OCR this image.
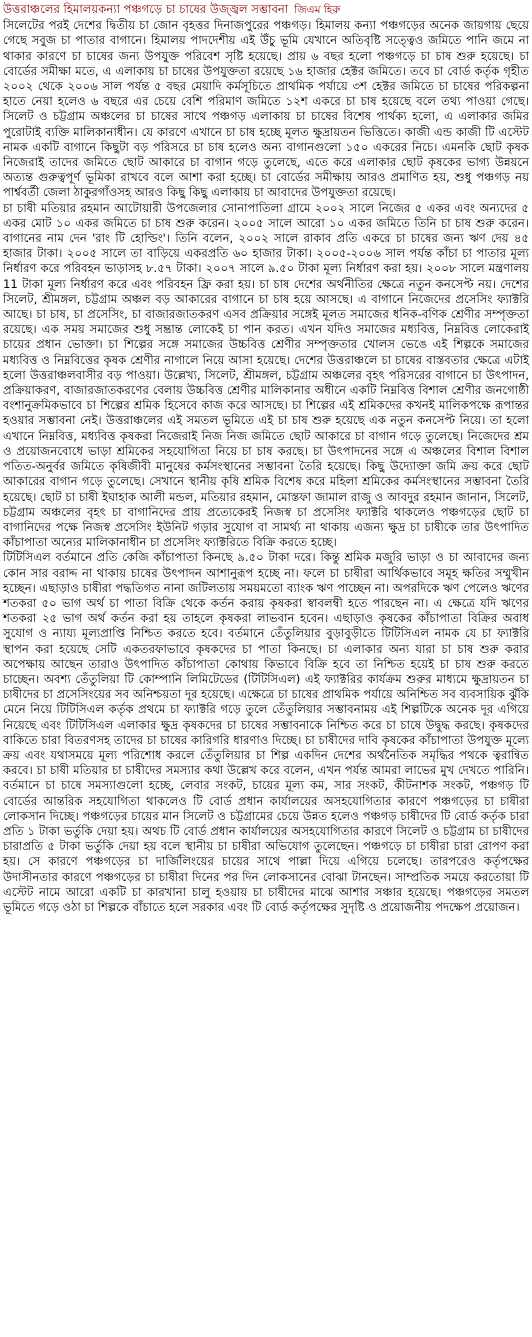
উত্তরাঞ্চলের হিমালয়কন্যা পঞ্চগড়ে চা চাষের উজ্জ্বল সম্ভাবনা জিএম হিরু

সিলেটের পরই দেশের দ্বিতীয় চা জোন বৃহত্তর দিনাজপুরের পঞ্চগড়। হিমালয় কন্যা পঞ্চগড়ের অনেক জায়গায় ছেয়ে গেছে সবুজ চা পাতার বাগানে। হিমালয় পাদদেশীয় এই উঁচু ভূমি যেখানে অতিবৃষ্টি সত্ত্বেও জমিতে পানি জমে না থাকার কারণে চা চাষের জন্য উপযুক্ত পরিবেশ সৃষ্টি হয়েছে। প্রায় ৬ বছর হলো পঞ্চগড়ে চা চাষ শুরু হয়েছে। চা বোর্ডের সমীক্ষা মতে, এ এলাকায় চা চাষের উপযুক্ততা রয়েছে ১৬ হাজার হেক্টর জমিতে। তবে চা বোর্ড কর্তৃক গৃহীত ২০০২ থেকে ২০০৬ সাল পর্যন্ত ৫ বছর মেয়াদি কর্মসূচিতে প্রাথমিক পর্যায়ে ৩শ হেক্টর জমিতে চা চাষের পরিকল্পনা হাতে নেয়া হলেও ৬ বছরে এর চেয়ে বেশি পরিমাণ জমিতে ১২শ একরে চা চাষ হয়েছে বলে তথ্য পাওয়া গেছে। সিলেট ও চট্টগ্রাম অঞ্চলের চা চাষের সাথে পঞ্চগড় এলাকায় চা চাষের বিশেষ পার্থক্য হলো, এ এলাকার জমির পুরোটাই ব্যক্তি মালিকানাধীন। যে কারণে এখানে চা চাষ হচ্ছে মূলত ক্ষুদ্রায়তন ভিত্তিতে। কাজী এন্ড কাজী টি এস্টেট নামক একটি বাগানে কিছুটা বড় পরিসরে চা চাষ হলেও অন্য বাগানগুলো ১৫০ একরের নিচে। এমনকি ছোট কৃষক নিজেরাই তাদের জমিতে ছোট আকারে চা বাগান গড়ে তুলেছে, এতে করে এলাকার ছোট কৃষকের ভাগ্য উন্নয়নে অত্যন্ত গুরুত্বপূর্ণ ভূমিকা রাখবে বলে আশা করা হচ্ছে। চা বোর্ডের সমীক্ষায় আরও প্রমাণিত হয়, শুধু পঞ্চগড় নয় পার্শ্ববর্তী জেলা ঠাকুরগাঁওসহ আরও কিছু কিছু এলাকায় চা আবাদের উপযুক্ততা রয়েছে।

চা চাষী মতিয়ার রহমান আটোয়ারী উপজেলার সোনাপাতিলা গ্রামে ২০০২ সালে নিজের ৫ একর এবং অন্যদের ৫ একর মোট ১০ একর জমিতে চা চাষ শুরু করেন। ২০০৫ সালে আরো ১০ একর জমিতে তিনি চা চাষ শুরু করেন। বাগানের নাম দেন 'রাং টি হোল্ডিং'। তিনি বলেন, ২০০২ সালে রাকাব প্রতি একরে চা চাষের জন্য ঋণ দেয় ৪৫ হাজার টাকা। ২০০৫ সালে তা বাড়িয়ে একরপ্রতি ৬০ হাজার টাকা। ২০০৫-২০০৬ সাল পর্যন্ত কাঁচা চা পাতার মূল্য নির্ধারণ করে পরিবহন ভাড়াসহ ৮.৫৭ টাকা। ২০০৭ সালে ৯.৫০ টাকা মূল্য নির্ধারণ করা হয়। ২০০৮ সালে মন্ত্রণালয় 11 টাকা মূল্য নির্ধারণ করে এবং পরিবহন ফ্রি করা হয়। চা চাষ দেশের অর্থনীতির ক্ষেত্রে নতুন কনসেপ্ট নয়। দেশের সিলেট, শ্রীমঙ্গল, চট্টগ্রাম অঞ্চল বড় আকারের বাগানে চা চাষ হয়ে আসছে। এ বাগানে নিজেদের প্রসেসিং ফ্যাক্টরি আছে। চা চাষ, চা প্রসেসিং, চা বাজারজাতকরণ এসব প্রক্রিয়ার সঙ্গেই মূলত সমাজের ধনিক-বণিক শ্রেণীর সম্পৃক্ততা রয়েছে। এক সময় সমাজের শুধু সম্ভ্রান্ত লোকেই চা পান করত। এখন যদিও সমাজের মধ্যবিত্ত, নিম্নবিত্ত লোকেরাই চায়ের প্রধান ভোক্তা। চা শিল্পের সঙ্গে সমাজের উচ্চবিত্ত শ্রেণীর সম্পৃক্ততার খোলস ভেঙে এই শিল্পকে সমাজের মধ্যবিত্ত ও নিম্নবিত্তের কৃষক শ্রেণীর নাগালে নিয়ে আসা হয়েছে। দেশের উত্তরাঞ্চলে চা চাষের বাস্তবতার ক্ষেত্রে এটাই হলো উত্তরাঞ্চলবাসীর বড় পাওয়া। উল্লেখ্য, সিলেট, শ্রীমঙ্গল, চট্টগ্রাম অঞ্চলের বৃহৎ পরিসরের বাগানে চা উৎপাদন, প্রক্রিয়াকরণ, বাজারজাতকরণের বেলায় উচ্চবিত্ত শ্রেণীর মালিকানার অধীনে একটি নিম্নবিত্ত বিশাল শ্রেণীর জনগোষ্ঠী বংশানুক্রমিকভাবে চা শিল্পের শ্রমিক হিসেবে কাজ করে আসছে। চা শিল্পের এই শ্রমিকদের কখনই মালিকপক্ষে রূপান্তর হওয়ার সম্ভাবনা নেই। উত্তরাঞ্চলের এই সমতল ভূমিতে এই চা চাষ শুরু হয়েছে এক নতুন কনসেপ্ট নিয়ে। তা হলো এখানে নিম্নবিত্ত, মধ্যবিত্ত কৃষকরা নিজেরাই নিজ নিজ জমিতে ছোট আকারে চা বাগান গড়ে তুলেছে। নিজেদের শ্রম ও প্রয়োজনবোধে ভাড়া শ্রমিকের সহযোগিতা নিয়ে চা চাষ করছে। চা উৎপাদনের সঙ্গে এ অঞ্চলের বিশাল বিশাল পতিত-অনুর্বর জমিতে কৃষিজীবী মানুষের কর্মসংস্থানের সম্ভাবনা তৈরি হয়েছে। কিছু উদ্যোক্তা জমি ক্রয় করে ছোট আকারের বাগান গড়ে তুলেছে। সেখানে স্থানীয় কৃষি শ্রমিক বিশেষ করে মহিলা শ্রমিকের কর্মসংস্থানের সম্ভাবনা তৈরি হয়েছে। ছোট চা চাষী ইঘাহাক আলী মন্ডল, মতিয়ার রহমান, মোস্তফা জামাল রাজু ও আবদুর রহমান জানান, সিলেট, চট্টগ্রাম অঞ্চলের বৃহৎ চা বাগানিদের প্রায় প্রত্যেকেরই নিজস্ব চা প্রসেসিং ফ্যাক্টরি থাকলেও পঞ্চগড়ের ছোট চা বাগানিদের পক্ষে নিজস্ব প্রসেসিং ইউনিট গড়ার সুযোগ বা সামর্থ্য না থাকায় এজন্য ক্ষুদ্র চা চাষীকে তার উৎপাদিত কাঁচাপাতা অন্যের মালিকানাধীন চা প্রসেসিং ফ্যাক্টরিতে বিক্রি করতে হচ্ছে।

টিটিসিএল বর্তমানে প্রতি কেজি কাঁচাপাতা কিনছে ৯.৫০ টাকা দরে। কিন্তু শ্রমিক মজুরি ভাড়া ও চা আবাদের জন্য কোন সার বরাদ্দ না থাকায় চাষের উৎপাদন আশানুরূপ হচ্ছে না। ফলে চা চাষীরা আর্থিকভাবে সমূহ ক্ষতির সম্মুখীন হচ্ছেন। এছাড়াও চাষীরা পদ্ধতিগত নানা জটিলতায় সময়মতো ব্যাংক ঋণ পাচ্ছেন না। অপরদিকে ঋণ পেলেও ঋণের শতকরা ৫০ ভাগ অর্থ চা পাতা বিক্রি থেকে কর্তন করায় কৃষকরা স্বাবলম্বী হতে পারছেন না। এ ক্ষেত্রে যদি ঋণের শতকরা ২৫ ভাগ অর্থ কর্তন করা হয় তাহলে কৃষকরা লাভবান হবেন। এছাড়াও কৃষকের কাঁচাপাতা বিক্রির অবাধ সুযোগ ও ন্যায্য মূল্যপ্রাপ্তি নিশ্চিত করতে হবে। বর্তমানে তেঁতুলিয়ার বুড়াবুড়ীতে টিটিসিএল নামক যে চা ফ্যাক্টরি স্থাপন করা হয়েছে সেটি একতরফাভাবে কৃষকদের চা পাতা কিনছে। চা এলাকার অন্য যারা চা চাষ শুরু করার অপেক্ষায় আছেন তারাও উৎপাদিত কাঁচাপাতা কোথায় কিভাবে বিক্রি হবে তা নিশ্চিত হয়েই চা চাষ শুরু করতে চাচ্ছেন। অবশ্য তেঁতুলিয়া টি কোম্পানি লিমিটেডের (টিটিসিএল) এই ফ্যাক্টরির কার্যক্রম শুরুর মাধ্যমে ক্ষুদ্রায়তন চা চাষীদের চা প্রসেসিংয়ের সব অনিশ্চয়তা দূর হয়েছে। এক্ষেত্রে চা চাষের প্রাথমিক পর্যায়ে অনিশ্চিত সব ব্যবসায়িক ঝুঁকি মেনে নিয়ে টিটিসিএল কর্তৃক প্রথমে চা ফ্যাক্টরি গড়ে তুলে তেঁতুলিয়ার সম্ভাবনাময় এই শিল্পটিকে অনেক দূর এগিয়ে নিয়েছে এবং টিটিসিএল এলাকার ক্ষুদ্র কৃষকদের চা চাষের সম্ভাবনাকে নিশ্চিত করে চা চাষে উদ্বুদ্ধ করছে। কৃষকদের বাকিতে চারা বিতরণসহ তাদের চা চাষের কারিগরি ধারণাও দিচ্ছে। চা চাষীদের দাবি কৃষকের কাঁচাপাতা উপযুক্ত মূল্যে ক্রয় এবং যথাসময়ে মূল্য পরিশোধ করলে তেঁতুলিয়ার চা শিল্প একদিন দেশের অর্থনৈতিক সমৃদ্ধির পথকে ত্বরান্বিত করবে। চা চাষী মতিয়ার চা চাষীদের সমস্যার কথা উল্লেখ করে বলেন, এখন পর্যন্ত আমরা লাভের মুখ দেখতে পারিনি। বর্তমানে চা চাষে সমস্যাগুলো হচ্ছে, লেবার সংকট, চায়ের মূল্য কম, সার সংকট, কীটনাশক সংকট, পঞ্চগড় টি বোর্ডের আন্তরিক সহযোগিতা থাকলেও টি বোর্ড প্রধান কার্যালয়ের অসহযোগিতার কারণে পঞ্চগড়ের চা চাষীরা লোকসান দিচ্ছে। পঞ্চগড়ের চায়ের মান সিলেট ও চট্টগ্রামের চেয়ে উন্নত হলেও পঞ্চগড় চাষীদের টি বোর্ড কর্তৃক চারা প্রতি ১ টাকা ভর্তুকি দেয়া হয়। অথচ টি বোর্ড প্রধান কার্যালয়ের অসহযোগিতার কারণে সিলেট ও চট্টগ্রাম চা চাষীদের চারাপ্রতি ৫ টাকা ভর্তুকি দেয়া হয় বলে স্থানীয় চা চাষীরা অভিযোগ তুলেছেন। পঞ্চগড়ে চা চাষীরা চারা রোপণ করা হয়। সে কারণে পঞ্চগড়ের চা দার্জিলিংয়ের চায়ের সাথে পাল্লা দিয়ে এগিয়ে চলেছে। তারপরেও কর্তৃপক্ষের উদাসীনতার কারণে পঞ্চগড়ের চা চাষীরা দিনের পর দিন লোকসানের বোঝা টানছেন। সাম্প্রতিক সময়ে করতোয়া টি এস্টেট নামে আরো একটি চা কারখানা চালু হওয়ায় চা চাষীদের মাঝে আশার সঞ্চার হয়েছে। পঞ্চগড়ের সমতল ভূমিতে গড়ে ওঠা চা শিল্পকে বাঁচাতে হলে সরকার এবং টি বোর্ড কর্তৃপক্ষের সুদৃষ্টি ও প্রয়োজনীয় পদক্ষেপ প্রয়োজন।
